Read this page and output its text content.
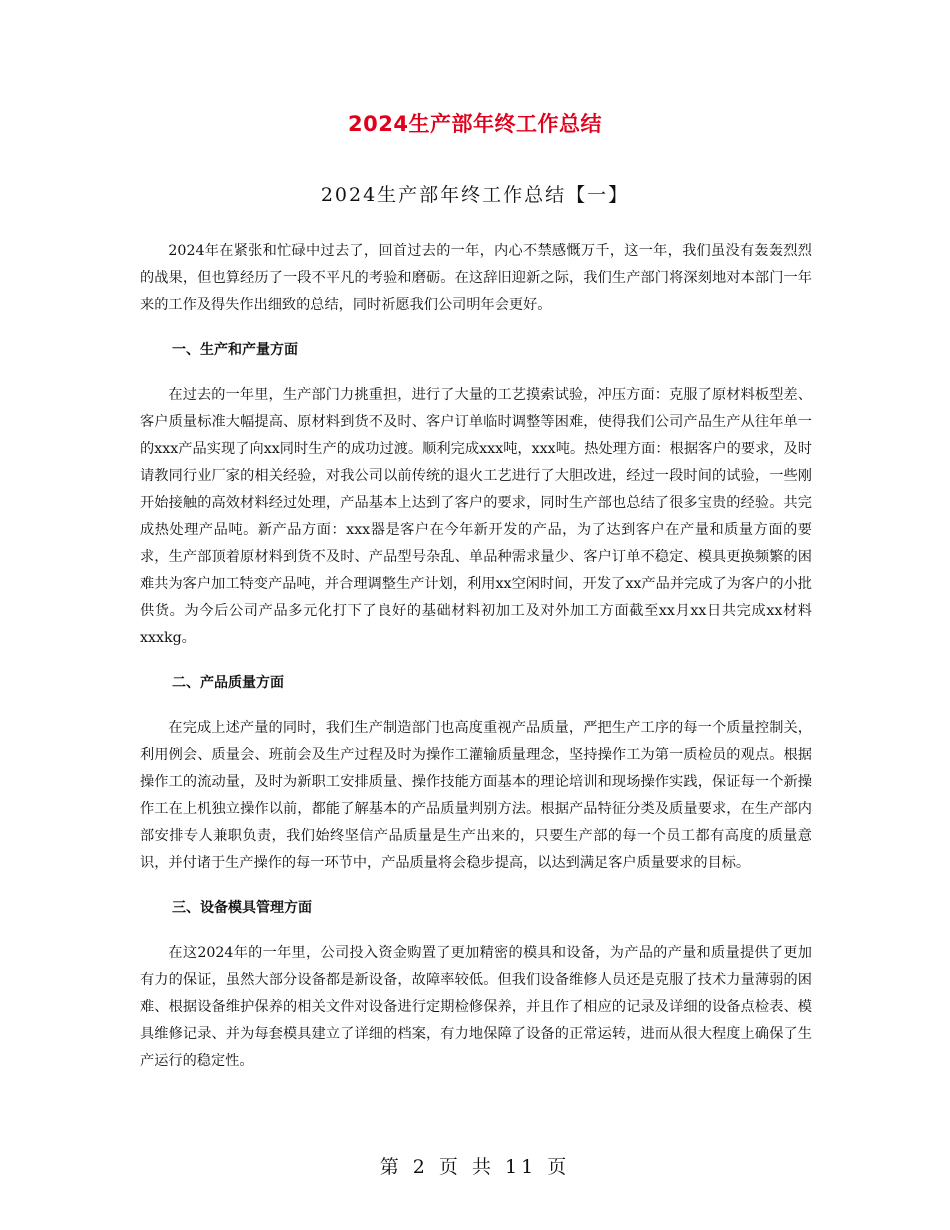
2024生产部年终工作总结
2024生产部年终工作总结【一】

2024年在紧张和忙碌中过去了，回首过去的一年，内心不禁感慨万千，这一年，我们虽没有轰轰烈烈的战果，但也算经历了一段不平凡的考验和磨砺。在这辞旧迎新之际，我们生产部门将深刻地对本部门一年来的工作及得失作出细致的总结，同时祈愿我们公司明年会更好。

一、生产和产量方面

在过去的一年里，生产部门力挑重担，进行了大量的工艺摸索试验，冲压方面：克服了原材料板型差、客户质量标准大幅提高、原材料到货不及时、客户订单临时调整等困难，使得我们公司产品生产从往年单一的xxx产品实现了向xx同时生产的成功过渡。顺利完成xxx吨，xxx吨。热处理方面：根据客户的要求，及时请教同行业厂家的相关经验，对我公司以前传统的退火工艺进行了大胆改进，经过一段时间的试验，一些刚开始接触的高效材料经过处理，产品基本上达到了客户的要求，同时生产部也总结了很多宝贵的经验。共完成热处理产品吨。新产品方面：xxx器是客户在今年新开发的产品，为了达到客户在产量和质量方面的要求，生产部顶着原材料到货不及时、产品型号杂乱、单品种需求量少、客户订单不稳定、模具更换频繁的困难共为客户加工特变产品吨，并合理调整生产计划，利用xx空闲时间，开发了xx产品并完成了为客户的小批供货。为今后公司产品多元化打下了良好的基础材料初加工及对外加工方面截至xx月xx日共完成xx材料xxxkg。

二、产品质量方面

在完成上述产量的同时，我们生产制造部门也高度重视产品质量，严把生产工序的每一个质量控制关，利用例会、质量会、班前会及生产过程及时为操作工灌输质量理念，坚持操作工为第一质检员的观点。根据操作工的流动量，及时为新职工安排质量、操作技能方面基本的理论培训和现场操作实践，保证每一个新操作工在上机独立操作以前，都能了解基本的产品质量判别方法。根据产品特征分类及质量要求，在生产部内部安排专人兼职负责，我们始终坚信产品质量是生产出来的，只要生产部的每一个员工都有高度的质量意识，并付诸于生产操作的每一环节中，产品质量将会稳步提高，以达到满足客户质量要求的目标。

三、设备模具管理方面

在这2024年的一年里，公司投入资金购置了更加精密的模具和设备，为产品的产量和质量提供了更加有力的保证，虽然大部分设备都是新设备，故障率较低。但我们设备维修人员还是克服了技术力量薄弱的困难、根据设备维护保养的相关文件对设备进行定期检修保养，并且作了相应的记录及详细的设备点检表、模具维修记录、并为每套模具建立了详细的档案，有力地保障了设备的正常运转，进而从很大程度上确保了生产运行的稳定性。

第 2 页 共 11 页
